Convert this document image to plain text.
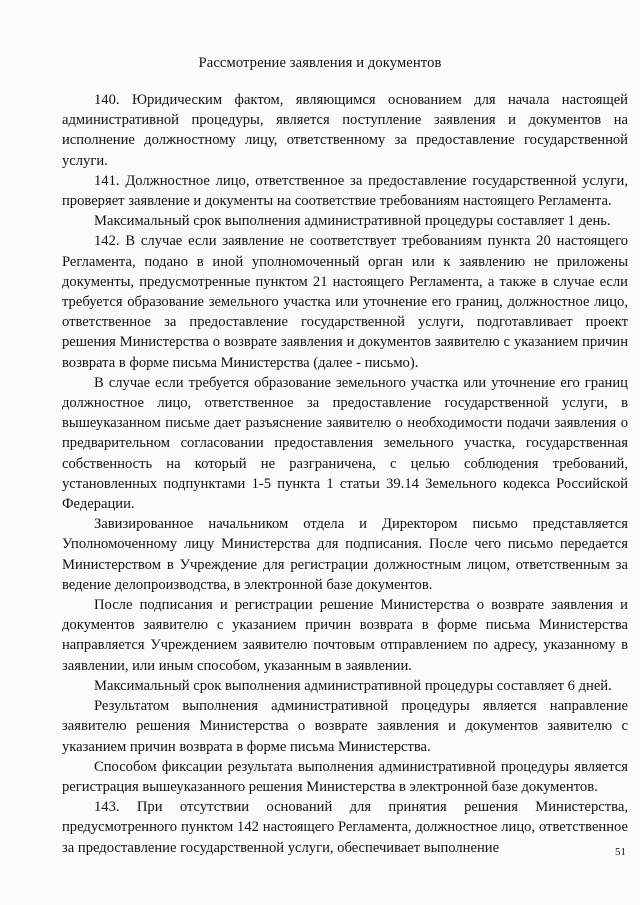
Рассмотрение заявления и документов

140. Юридическим фактом, являющимся основанием для начала настоящей административной процедуры, является поступление заявления и документов на исполнение должностному лицу, ответственному за предоставление государственной услуги.

141. Должностное лицо, ответственное за предоставление государственной услуги, проверяет заявление и документы на соответствие требованиям настоящего Регламента.

Максимальный срок выполнения административной процедуры составляет 1 день.

142. В случае если заявление не соответствует требованиям пункта 20 настоящего Регламента, подано в иной уполномоченный орган или к заявлению не приложены документы, предусмотренные пунктом 21 настоящего Регламента, а также в случае если требуется образование земельного участка или уточнение его границ, должностное лицо, ответственное за предоставление государственной услуги, подготавливает проект решения Министерства о возврате заявления и документов заявителю с указанием причин возврата в форме письма Министерства (далее - письмо).

В случае если требуется образование земельного участка или уточнение его границ должностное лицо, ответственное за предоставление государственной услуги, в вышеуказанном письме дает разъяснение заявителю о необходимости подачи заявления о предварительном согласовании предоставления земельного участка, государственная собственность на который не разграничена, с целью соблюдения требований, установленных подпунктами 1-5 пункта 1 статьи 39.14 Земельного кодекса Российской Федерации.

Завизированное начальником отдела и Директором письмо представляется Уполномоченному лицу Министерства для подписания. После чего письмо передается Министерством в Учреждение для регистрации должностным лицом, ответственным за ведение делопроизводства, в электронной базе документов.

После подписания и регистрации решение Министерства о возврате заявления и документов заявителю с указанием причин возврата в форме письма Министерства направляется Учреждением заявителю почтовым отправлением по адресу, указанному в заявлении, или иным способом, указанным в заявлении.

Максимальный срок выполнения административной процедуры составляет 6 дней.

Результатом выполнения административной процедуры является направление заявителю решения Министерства о возврате заявления и документов заявителю с указанием причин возврата в форме письма Министерства.

Способом фиксации результата выполнения административной процедуры является регистрация вышеуказанного решения Министерства в электронной базе документов.

143. При отсутствии оснований для принятия решения Министерства, предусмотренного пунктом 142 настоящего Регламента, должностное лицо, ответственное за предоставление государственной услуги, обеспечивает выполнение	51
